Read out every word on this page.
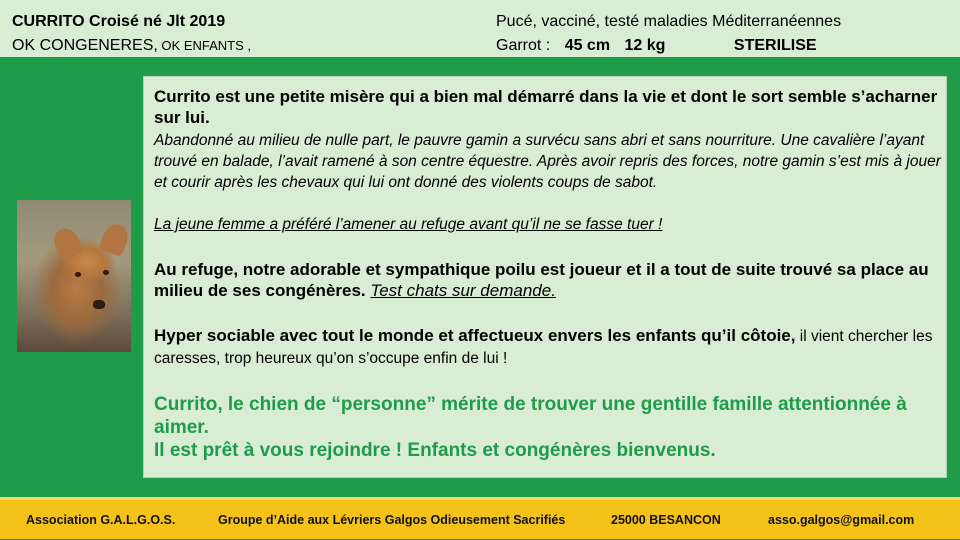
CURRITO Croisé né Jlt 2019
OK CONGENERES, OK ENFANTS ,
Pucé, vacciné, testé maladies Méditerranéennes
Garrot : 45 cm 12 kg	STERILISE
Currito est une petite misère qui a bien mal démarré dans la vie et dont le sort semble s’acharner sur lui.
Abandonné au milieu de nulle part, le pauvre gamin a survécu sans abri et sans nourriture. Une cavalière l’ayant trouvé en balade, l’avait ramené à son centre équestre. Après avoir repris des forces, notre gamin s’est mis à jouer et courir après les chevaux qui lui ont donné des violents coups de sabot.
La jeune femme a préféré l’amener au refuge avant qu’il ne se fasse tuer !
Au refuge, notre adorable et sympathique poilu est joueur et il a tout de suite trouvé sa place au milieu de ses congénères. Test chats sur demande.
Hyper sociable avec tout le monde et affectueux envers les enfants qu’il côtoie, il vient chercher les caresses, trop heureux qu’on s’occupe enfin de lui !
Currito, le chien de “personne” mérite de trouver une gentille famille attentionnée à aimer.
Il est prêt à vous rejoindre ! Enfants et congénères bienvenus.
Association G.A.L.G.O.S.	Groupe d’Aide aux Lévriers Galgos Odieusement Sacrifiés	25000 BESANCON	asso.galgos@gmail.com
